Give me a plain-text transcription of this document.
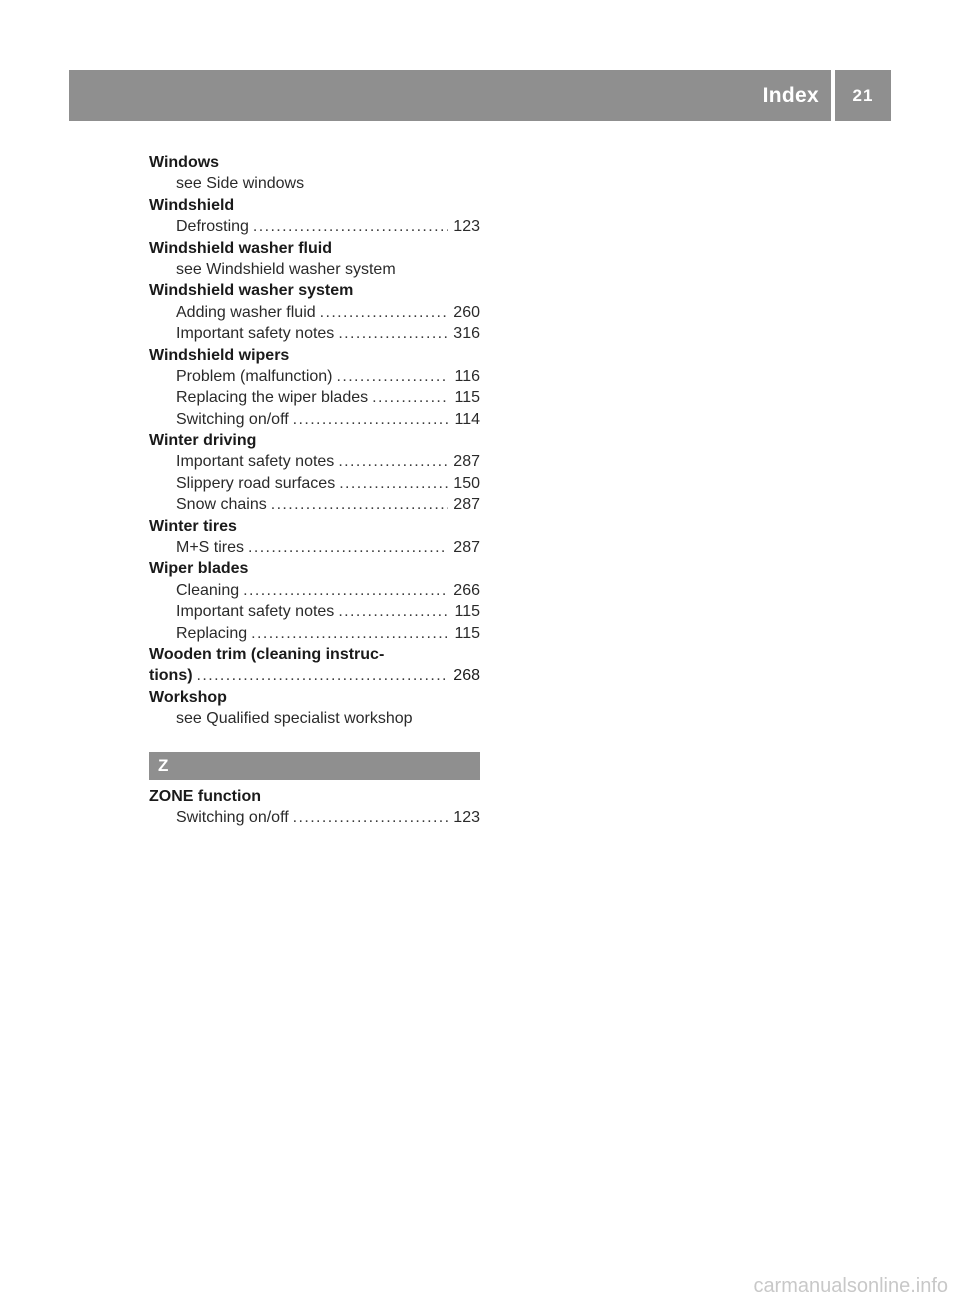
Index	21
Windows
see Side windows
Windshield
Defrosting .....	123
Windshield washer fluid
see Windshield washer system
Windshield washer system
Adding washer fluid .....	260
Important safety notes .....	316
Windshield wipers
Problem (malfunction) .....	116
Replacing the wiper blades .....	115
Switching on/off .....	114
Winter driving
Important safety notes .....	287
Slippery road surfaces .....	150
Snow chains .....	287
Winter tires
M+S tires .....	287
Wiper blades
Cleaning .....	266
Important safety notes .....	115
Replacing .....	115
Wooden trim (cleaning instruc-
tions) .....	268
Workshop
see Qualified specialist workshop
Z
ZONE function
Switching on/off .....	123
carmanualsonline.info
